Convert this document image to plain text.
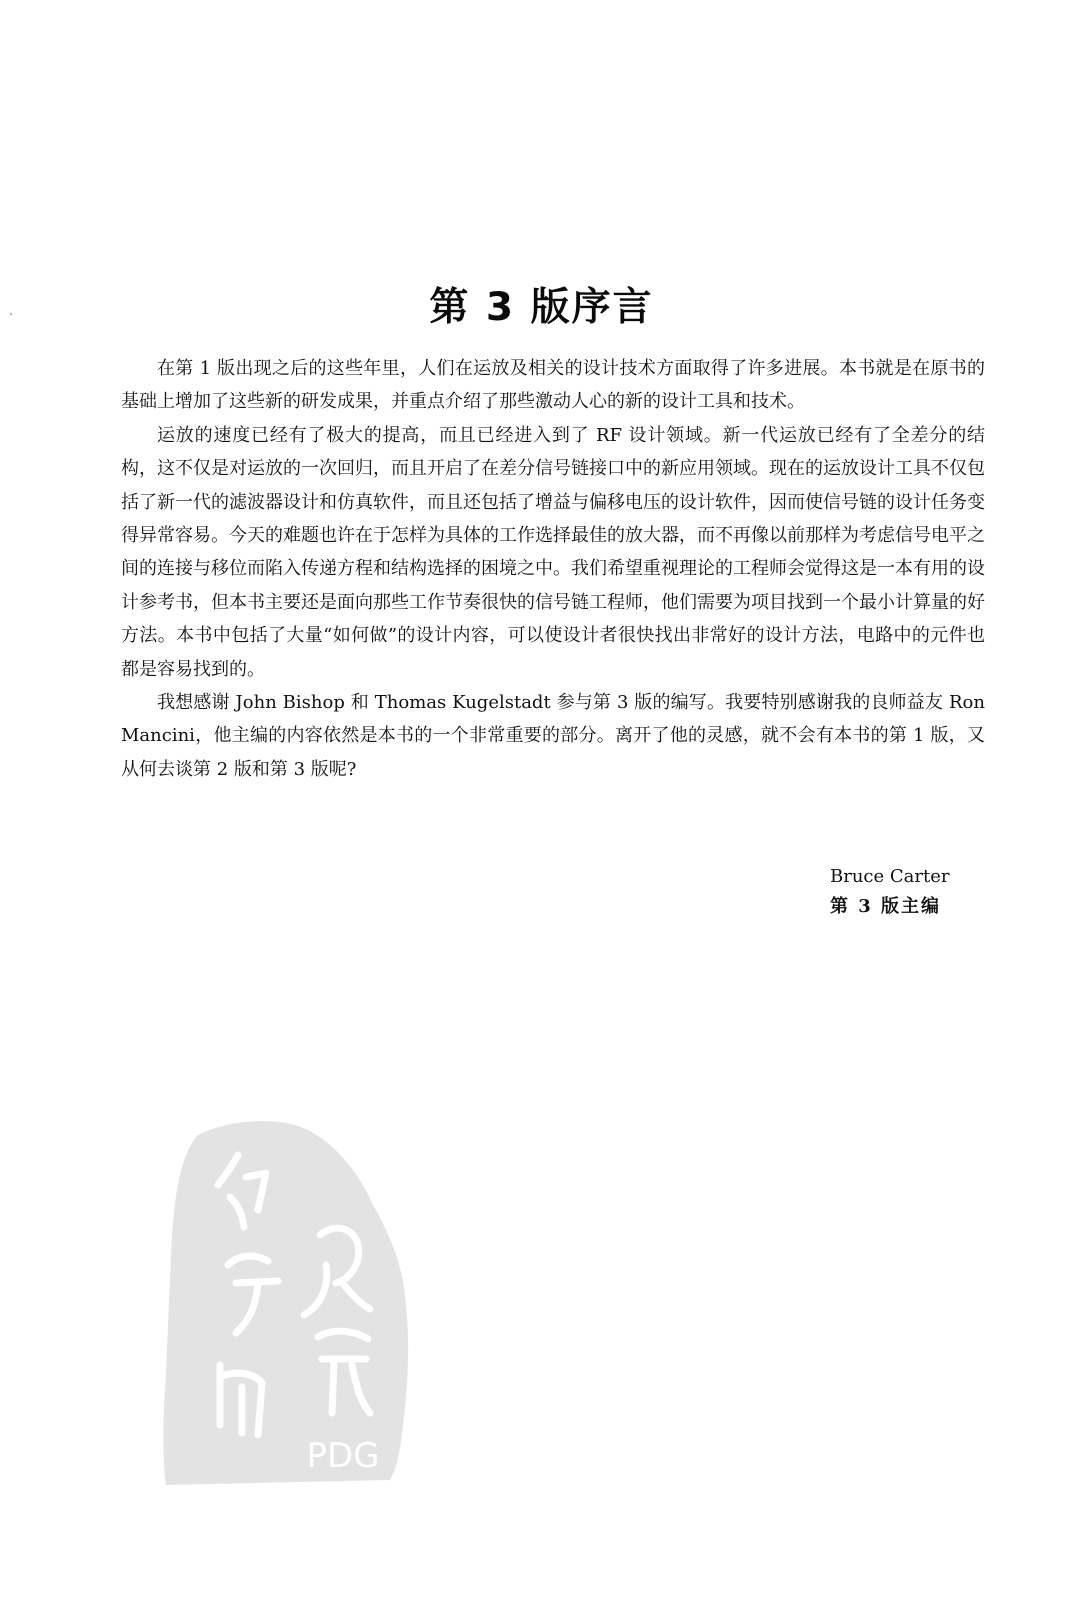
第 3 版序言

在第 1 版出现之后的这些年里，人们在运放及相关的设计技术方面取得了许多进展。本书就是在原书的基础上增加了这些新的研发成果，并重点介绍了那些激动人心的新的设计工具和技术。

运放的速度已经有了极大的提高，而且已经进入到了 RF 设计领域。新一代运放已经有了全差分的结构，这不仅是对运放的一次回归，而且开启了在差分信号链接口中的新应用领域。现在的运放设计工具不仅包括了新一代的滤波器设计和仿真软件，而且还包括了增益与偏移电压的设计软件，因而使信号链的设计任务变得异常容易。今天的难题也许在于怎样为具体的工作选择最佳的放大器，而不再像以前那样为考虑信号电平之间的连接与移位而陷入传递方程和结构选择的困境之中。我们希望重视理论的工程师会觉得这是一本有用的设计参考书，但本书主要还是面向那些工作节奏很快的信号链工程师，他们需要为项目找到一个最小计算量的好方法。本书中包括了大量“如何做”的设计内容，可以使设计者很快找出非常好的设计方法，电路中的元件也都是容易找到的。

我想感谢 John Bishop 和 Thomas Kugelstadt 参与第 3 版的编写。我要特别感谢我的良师益友 Ron Mancini，他主编的内容依然是本书的一个非常重要的部分。离开了他的灵感，就不会有本书的第 1 版，又从何去谈第 2 版和第 3 版呢?

Bruce Carter
第 3 版主编
PDG
